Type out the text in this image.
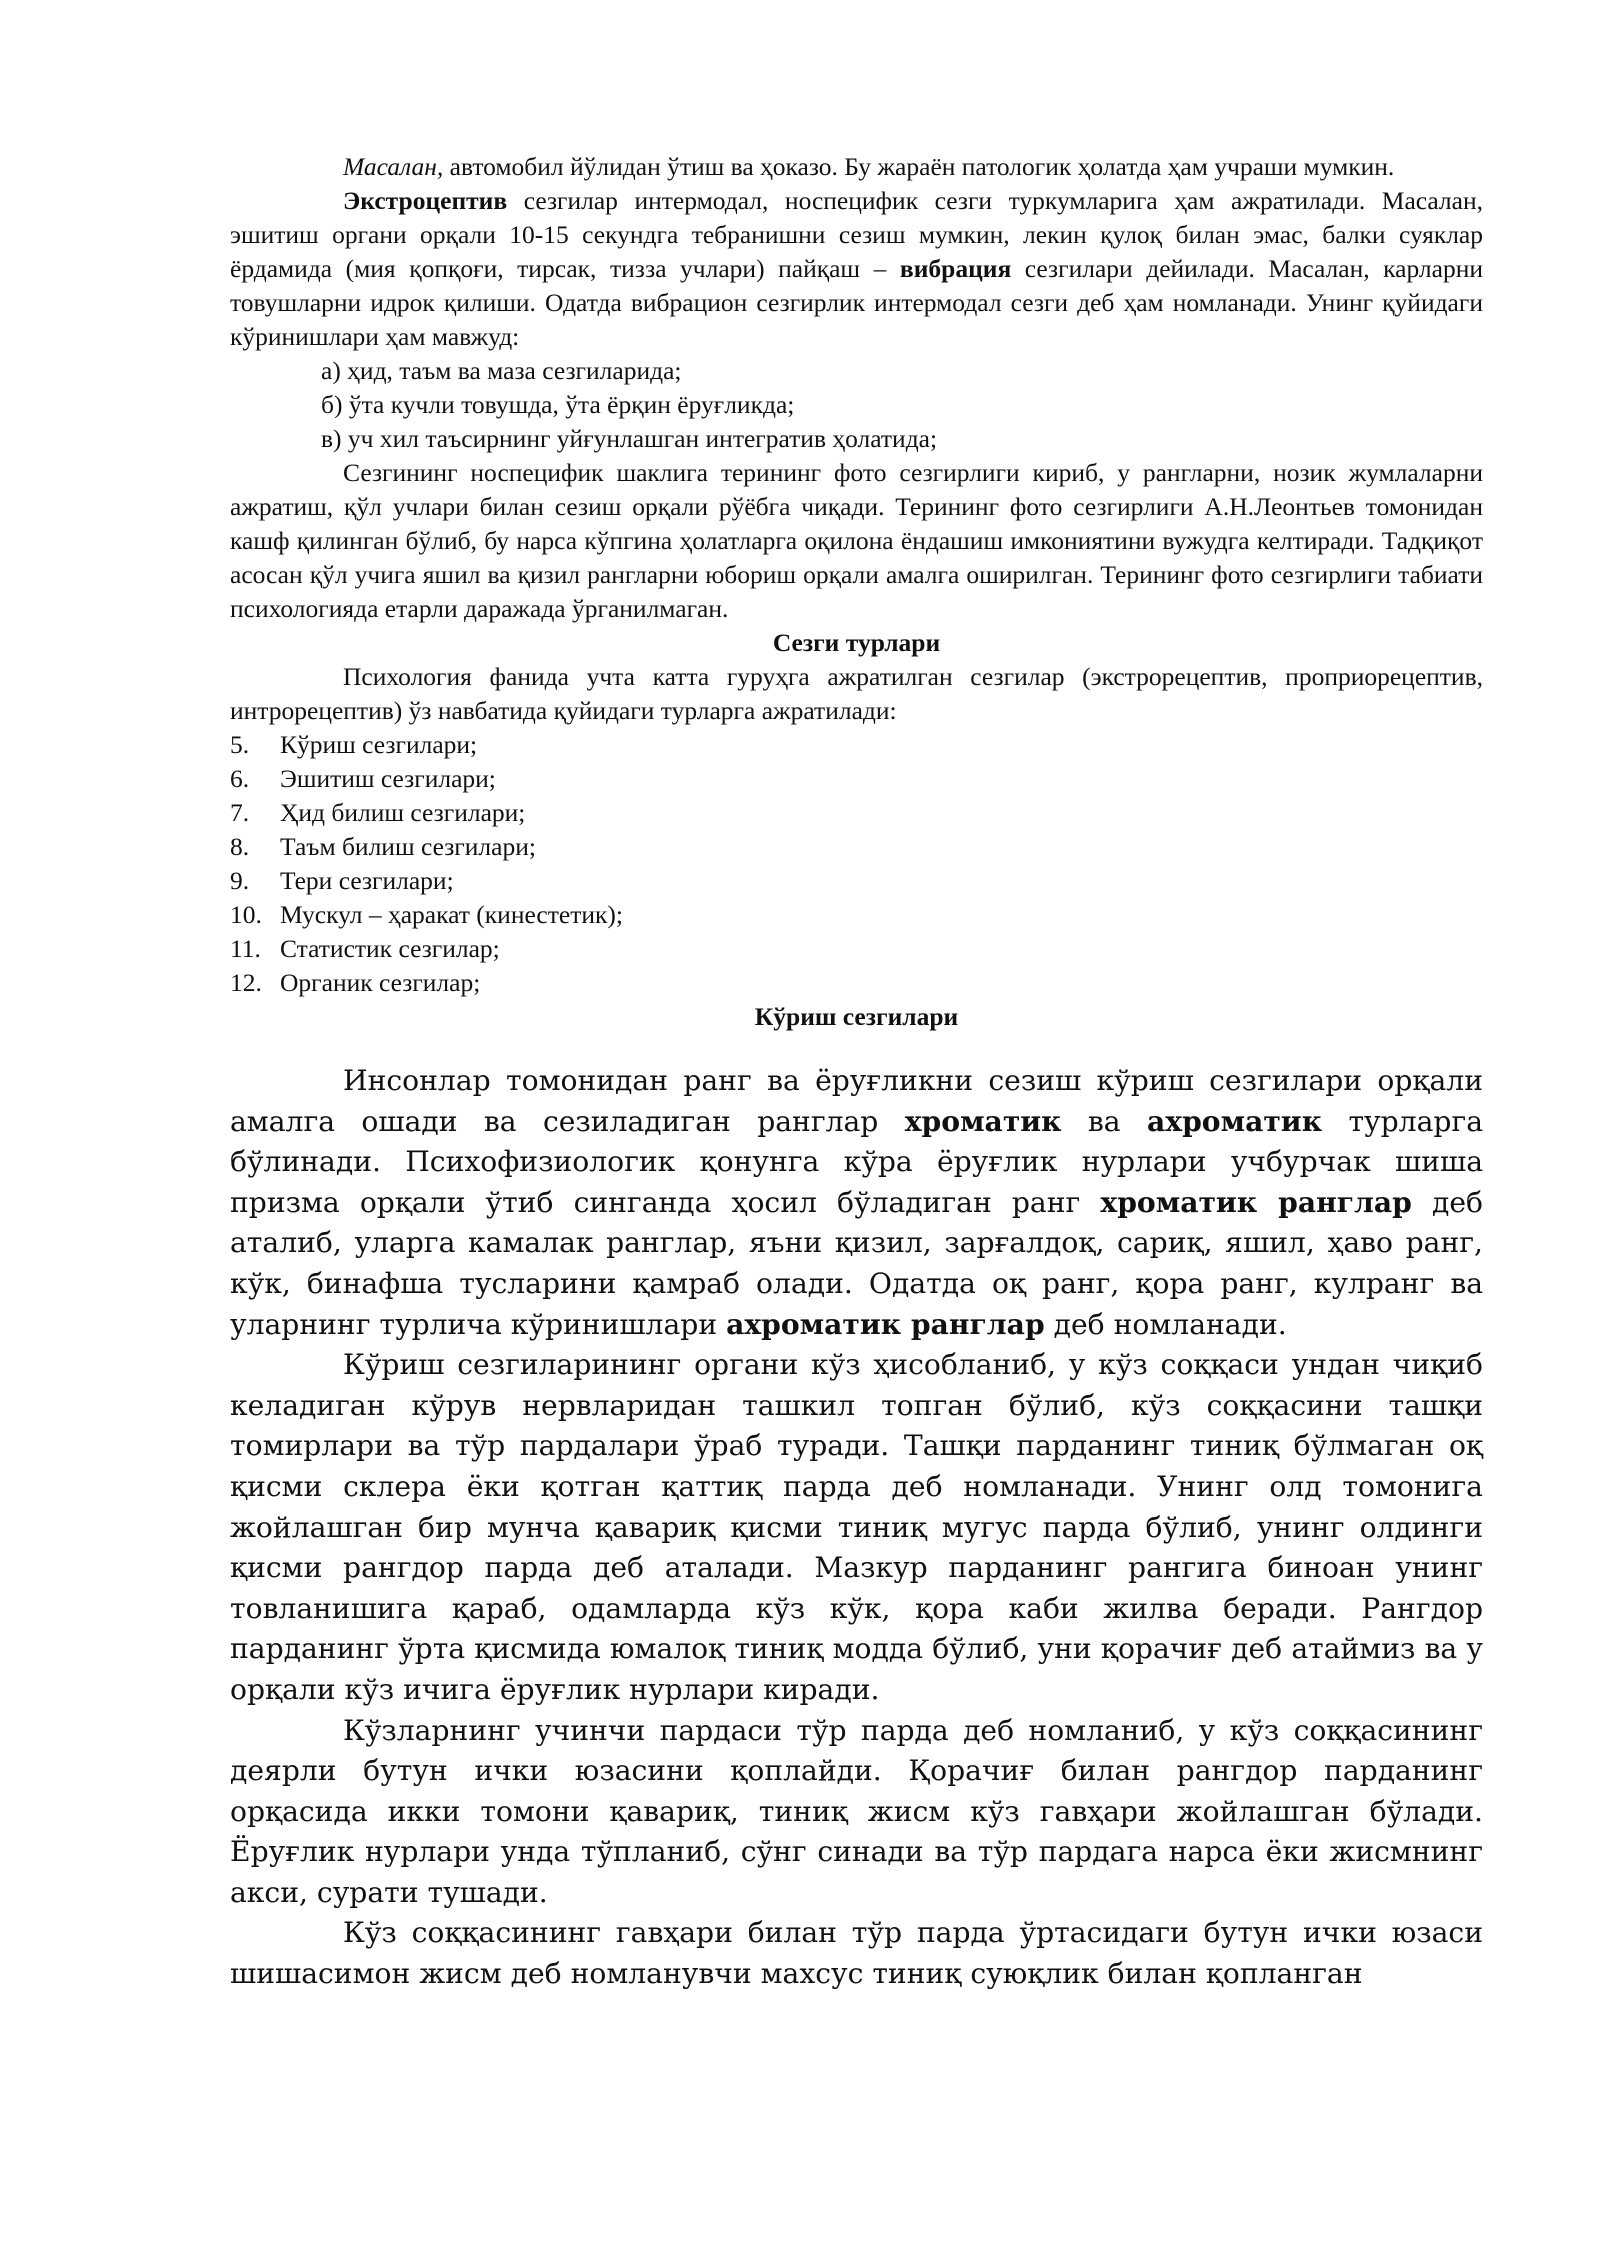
Масалан, автомобил йўлидан ўтиш ва ҳоказо. Бу жараён патологик ҳолатда ҳам учраши мумкин.

Экстроцептив сезгилар интермодал, носпецифик сезги туркумларига ҳам ажратилади. Масалан, эшитиш органи орқали 10-15 секундга тебранишни сезиш мумкин, лекин қулоқ билан эмас, балки суяклар ёрдамида (мия қопқоғи, тирсак, тизза учлари) пайқаш – вибрация сезгилари дейилади. Масалан, карларни товушларни идрок қилиши. Одатда вибрацион сезгирлик интермодал сезги деб ҳам номланади. Унинг қуйидаги кўринишлари ҳам мавжуд:

а) ҳид, таъм ва маза сезгиларида;

б) ўта кучли товушда, ўта ёрқин ёруғликда;

в) уч хил таъсирнинг уйғунлашган интегратив ҳолатида;

Сезгининг носпецифик шаклига терининг фото сезгирлиги кириб, у рангларни, нозик жумлаларни ажратиш, қўл учлари билан сезиш орқали рўёбга чиқади. Терининг фото сезгирлиги А.Н.Леонтьев томонидан кашф қилинган бўлиб, бу нарса кўпгина ҳолатларга оқилона ёндашиш имкониятини вужудга келтиради. Тадқиқот асосан қўл учига яшил ва қизил рангларни юбориш орқали амалга оширилган. Терининг фото сезгирлиги табиати психологияда етарли даражада ўрганилмаган.

Сезги турлари

Психология фанида учта катта гуруҳга ажратилган сезгилар (экстрорецептив, проприорецептив, интрорецептив) ўз навбатида қуйидаги турларга ажратилади:

5.	Кўриш сезгилари;
6.	Эшитиш сезгилари;
7.	Ҳид билиш сезгилари;
8.	Таъм билиш сезгилари;
9.	Тери сезгилари;
10. Мускул – ҳаракат (кинестетик);
11. Статистик сезгилар;
12. Органик сезгилар;

Кўриш сезгилари

Инсонлар томонидан ранг ва ёруғликни сезиш кўриш сезгилари орқали амалга ошади ва сезиладиган ранглар хроматик ва ахроматик турларга бўлинади. Психофизиологик қонунга кўра ёруғлик нурлари учбурчак шиша призма орқали ўтиб синганда ҳосил бўладиган ранг хроматик ранглар деб аталиб, уларга камалак ранглар, яъни қизил, зарғалдоқ, сариқ, яшил, ҳаво ранг, кўк, бинафша тусларини қамраб олади. Одатда оқ ранг, қора ранг, кулранг ва уларнинг турлича кўринишлари ахроматик ранглар деб номланади.

Кўриш сезгиларининг органи кўз ҳисобланиб, у кўз соққаси ундан чиқиб келадиган кўрув нервларидан ташкил топган бўлиб, кўз соққасини ташқи томирлари ва тўр пардалари ўраб туради. Ташқи парданинг тиниқ бўлмаган оқ қисми склера ёки қотган қаттиқ парда деб номланади. Унинг олд томонига жойлашган бир мунча қавариқ қисми тиниқ мугус парда бўлиб, унинг олдинги қисми рангдор парда деб аталади. Мазкур парданинг рангига биноан унинг товланишига қараб, одамларда кўз кўк, қора каби жилва беради. Рангдор парданинг ўрта қисмида юмалоқ тиниқ модда бўлиб, уни қорачиғ деб атаймиз ва у орқали кўз ичига ёруғлик нурлари киради.

Кўзларнинг учинчи пардаси тўр парда деб номланиб, у кўз соққасининг деярли бутун ички юзасини қоплайди. Қорачиғ билан рангдор парданинг орқасида икки томони қавариқ, тиниқ жисм кўз гавҳари жойлашган бўлади. Ёруғлик нурлари унда тўпланиб, сўнг синади ва тўр пардага нарса ёки жисмнинг акси, сурати тушади.

Кўз соққасининг гавҳари билан тўр парда ўртасидаги бутун ички юзаси шишасимон жисм деб номланувчи махсус тиниқ суюқлик билан қопланган
